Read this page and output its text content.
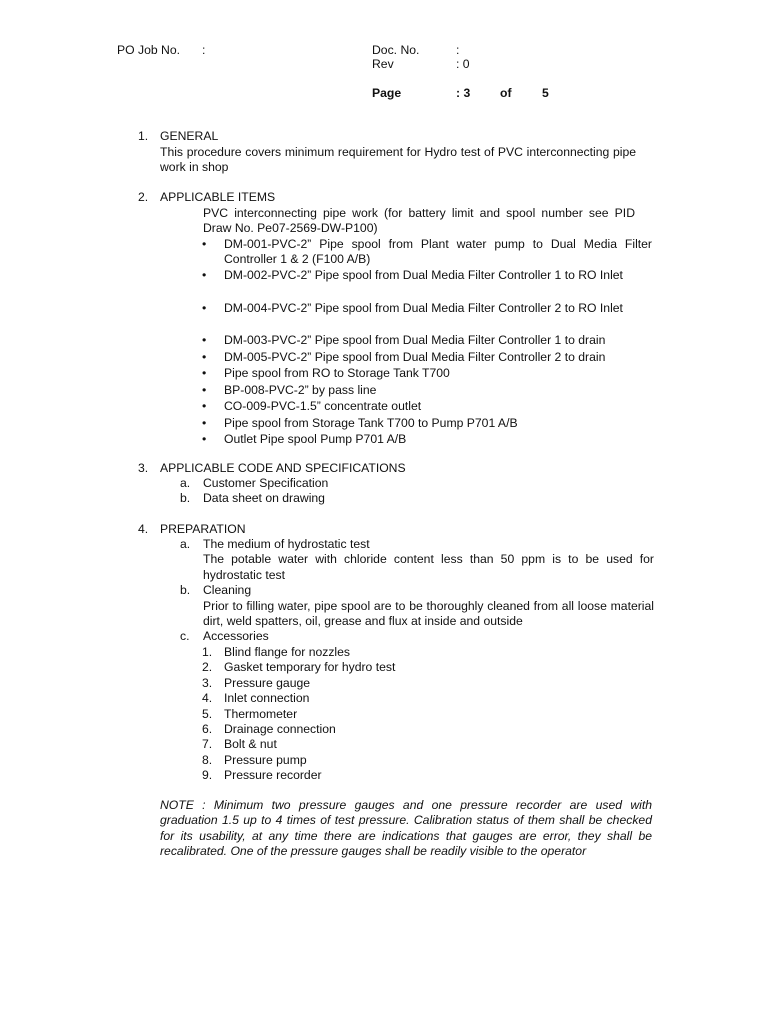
PO Job No. :	Doc. No.	:
Rev	: 0
Page	: 3 of 5
1. GENERAL
This procedure covers minimum requirement for Hydro test of PVC interconnecting pipe work in shop
2. APPLICABLE ITEMS
PVC interconnecting pipe work (for battery limit and spool number see PID Draw No. Pe07-2569-DW-P100)
• DM-001-PVC-2” Pipe spool from Plant water pump to Dual Media Filter Controller 1 & 2 (F100 A/B)
• DM-002-PVC-2” Pipe spool from Dual Media Filter Controller 1 to RO Inlet
• DM-004-PVC-2” Pipe spool from Dual Media Filter Controller 2 to RO Inlet
• DM-003-PVC-2” Pipe spool from Dual Media Filter Controller 1 to drain
• DM-005-PVC-2” Pipe spool from Dual Media Filter Controller 2 to drain
• Pipe spool from RO to Storage Tank T700
• BP-008-PVC-2” by pass line
• CO-009-PVC-1.5” concentrate outlet
• Pipe spool from Storage Tank T700 to Pump P701 A/B
• Outlet Pipe spool Pump P701 A/B
3. APPLICABLE CODE AND SPECIFICATIONS
a. Customer Specification
b. Data sheet on drawing
4. PREPARATION
a. The medium of hydrostatic test
The potable water with chloride content less than 50 ppm is to be used for hydrostatic test
b. Cleaning
Prior to filling water, pipe spool are to be thoroughly cleaned from all loose material dirt, weld spatters, oil, grease and flux at inside and outside
c. Accessories
1. Blind flange for nozzles
2. Gasket temporary for hydro test
3. Pressure gauge
4. Inlet connection
5. Thermometer
6. Drainage connection
7. Bolt & nut
8. Pressure pump
9. Pressure recorder
NOTE : Minimum two pressure gauges and one pressure recorder are used with graduation 1.5 up to 4 times of test pressure. Calibration status of them shall be checked for its usability, at any time there are indications that gauges are error, they shall be recalibrated. One of the pressure gauges shall be readily visible to the operator
